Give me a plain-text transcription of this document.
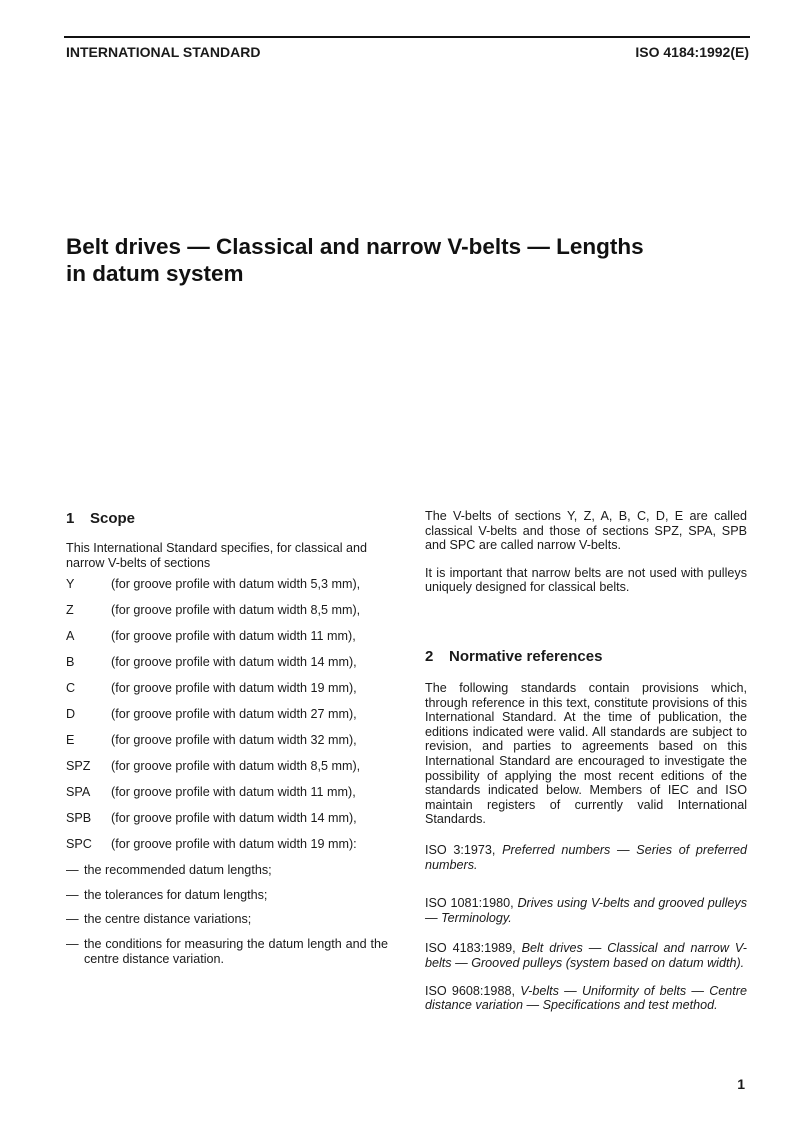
INTERNATIONAL STANDARD	ISO 4184:1992(E)
Belt drives — Classical and narrow V-belts — Lengths
in datum system
1 Scope

This International Standard specifies, for classical and narrow V-belts of sections

Y	(for groove profile with datum width 5,3 mm),
Z	(for groove profile with datum width 8,5 mm),
A	(for groove profile with datum width 11 mm),
B	(for groove profile with datum width 14 mm),
C	(for groove profile with datum width 19 mm),
D	(for groove profile with datum width 27 mm),
E	(for groove profile with datum width 32 mm),
SPZ	(for groove profile with datum width 8,5 mm),
SPA	(for groove profile with datum width 11 mm),
SPB	(for groove profile with datum width 14 mm),
SPC	(for groove profile with datum width 19 mm):
— the recommended datum lengths;
— the tolerances for datum lengths;
— the centre distance variations;
— the conditions for measuring the datum length and the centre distance variation.

The V-belts of sections Y, Z, A, B, C, D, E are called classical V-belts and those of sections SPZ, SPA, SPB and SPC are called narrow V-belts.

It is important that narrow belts are not used with pulleys uniquely designed for classical belts.

2 Normative references

The following standards contain provisions which, through reference in this text, constitute provisions of this International Standard. At the time of publication, the editions indicated were valid. All standards are subject to revision, and parties to agreements based on this International Standard are encouraged to investigate the possibility of applying the most recent editions of the standards indicated below. Members of IEC and ISO maintain registers of currently valid International Standards.

ISO 3:1973, Preferred numbers — Series of preferred numbers.

ISO 1081:1980, Drives using V-belts and grooved pulleys — Terminology.

ISO 4183:1989, Belt drives — Classical and narrow V-belts — Grooved pulleys (system based on datum width).

ISO 9608:1988, V-belts — Uniformity of belts — Centre distance variation — Specifications and test method.

1
